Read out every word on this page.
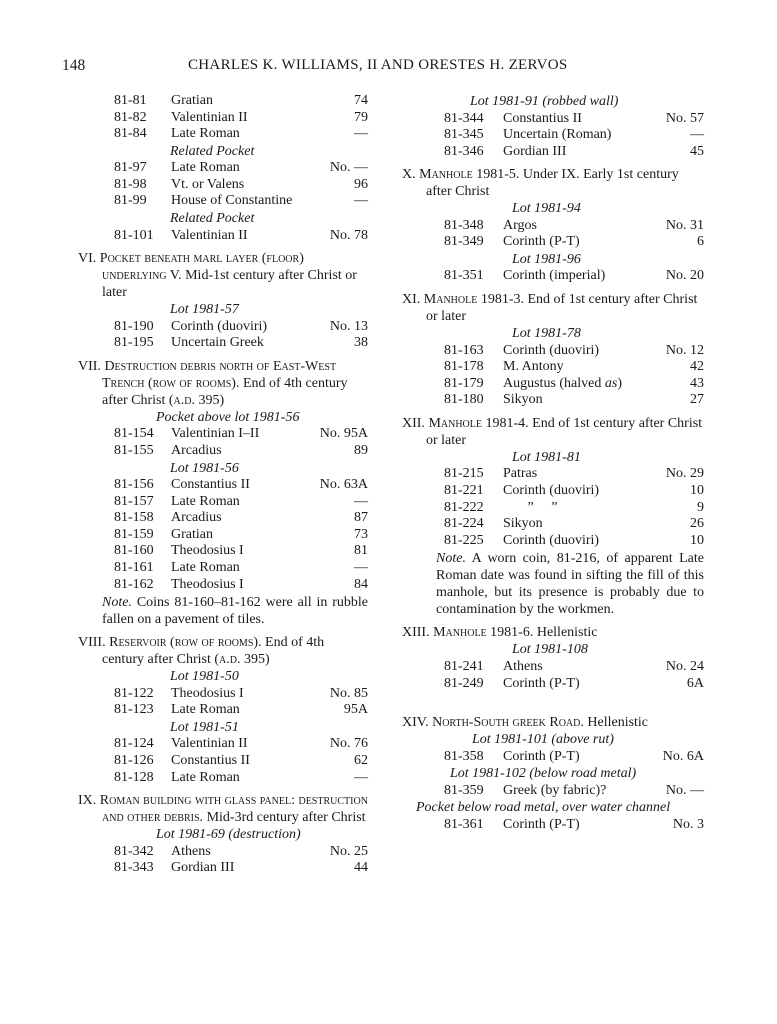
148	CHARLES K. WILLIAMS, II AND ORESTES H. ZERVOS
81-81 Gratian	74
81-82 Valentinian II	79
81-84 Late Roman	—
Related Pocket
81-97 Late Roman	No. —
81-98 Vt. or Valens	96
81-99 House of Constantine	—
Related Pocket
81-101 Valentinian II	No. 78
VI. Pocket beneath marl layer (floor) underlying V. Mid-1st century after Christ or later
Lot 1981-57
81-190 Corinth (duoviri)	No. 13
81-195 Uncertain Greek	38
VII. Destruction debris north of East-West Trench (row of rooms). End of 4th century after Christ (a.d. 395)
Pocket above lot 1981-56
81-154 Valentinian I–II	No. 95A
81-155 Arcadius	89
Lot 1981-56
81-156 Constantius II	No. 63A
81-157 Late Roman	—
81-158 Arcadius	87
81-159 Gratian	73
81-160 Theodosius I	81
81-161 Late Roman	—
81-162 Theodosius I	84
Note. Coins 81-160–81-162 were all in rubble fallen on a pavement of tiles.
VIII. Reservoir (row of rooms). End of 4th century after Christ (a.d. 395)
Lot 1981-50
81-122 Theodosius I	No. 85
81-123 Late Roman	95A
Lot 1981-51
81-124 Valentinian II	No. 76
81-126 Constantius II	62
81-128 Late Roman	—
IX. Roman building with glass panel: destruction and other debris. Mid-3rd century after Christ
Lot 1981-69 (destruction)
81-342 Athens	No. 25
81-343 Gordian III	44
Lot 1981-91 (robbed wall)
81-344 Constantius II	No. 57
81-345 Uncertain (Roman)	—
81-346 Gordian III	45
X. Manhole 1981-5. Under IX. Early 1st century after Christ
Lot 1981-94
81-348 Argos	No. 31
81-349 Corinth (P-T)	6
Lot 1981-96
81-351 Corinth (imperial)	No. 20
XI. Manhole 1981-3. End of 1st century after Christ or later
Lot 1981-78
81-163 Corinth (duoviri)	No. 12
81-178 M. Antony	42
81-179 Augustus (halved as)	43
81-180 Sikyon	27
XII. Manhole 1981-4. End of 1st century after Christ or later
Lot 1981-81
81-215 Patras	No. 29
81-221 Corinth (duoviri)	10
81-222 ”     ”	9
81-224 Sikyon	26
81-225 Corinth (duoviri)	10
Note. A worn coin, 81-216, of apparent Late Roman date was found in sifting the fill of this manhole, but its presence is probably due to contamination by the workmen.
XIII. Manhole 1981-6. Hellenistic
Lot 1981-108
81-241 Athens	No. 24
81-249 Corinth (P-T)	6A
XIV. North-South greek Road. Hellenistic
Lot 1981-101 (above rut)
81-358 Corinth (P-T)	No. 6A
Lot 1981-102 (below road metal)
81-359 Greek (by fabric)?	No. —
Pocket below road metal, over water channel
81-361 Corinth (P-T)	No. 3
